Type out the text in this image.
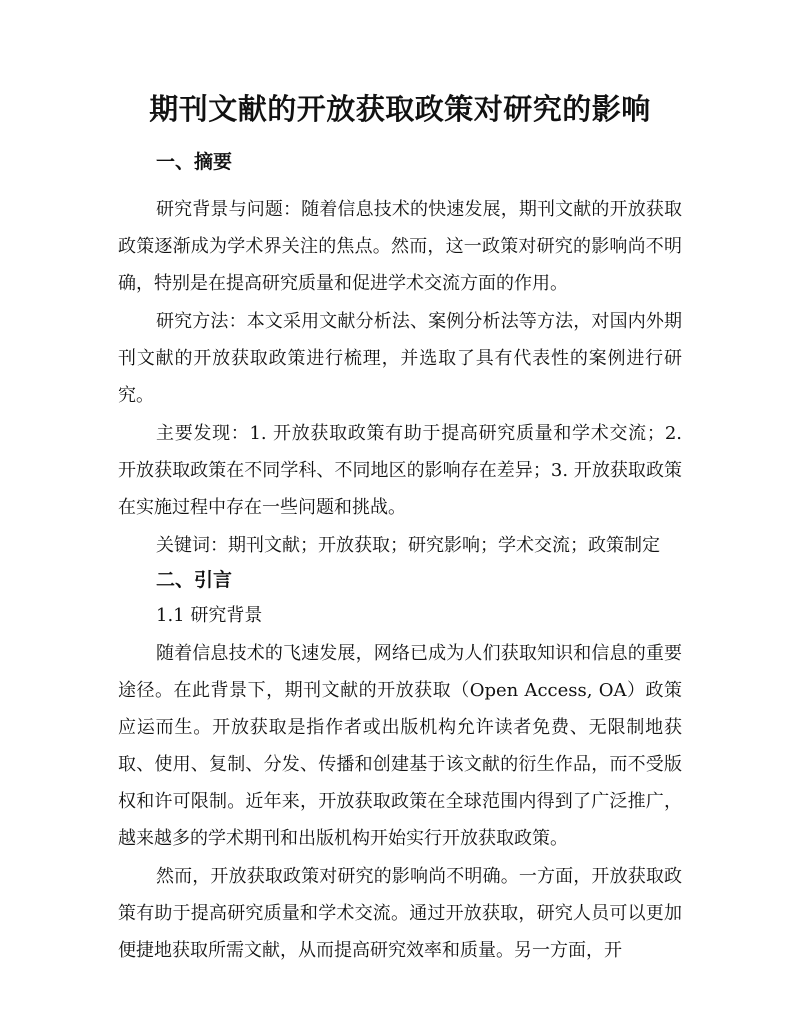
期刊文献的开放获取政策对研究的影响
一、摘要

研究背景与问题：随着信息技术的快速发展，期刊文献的开放获取政策逐渐成为学术界关注的焦点。然而，这一政策对研究的影响尚不明确，特别是在提高研究质量和促进学术交流方面的作用。

研究方法：本文采用文献分析法、案例分析法等方法，对国内外期刊文献的开放获取政策进行梳理，并选取了具有代表性的案例进行研究。

主要发现：1. 开放获取政策有助于提高研究质量和学术交流；2. 开放获取政策在不同学科、不同地区的影响存在差异；3. 开放获取政策在实施过程中存在一些问题和挑战。

关键词：期刊文献；开放获取；研究影响；学术交流；政策制定
二、引言
1.1 研究背景

随着信息技术的飞速发展，网络已成为人们获取知识和信息的重要途径。在此背景下，期刊文献的开放获取（Open Access, OA）政策应运而生。开放获取是指作者或出版机构允许读者免费、无限制地获取、使用、复制、分发、传播和创建基于该文献的衍生作品，而不受版权和许可限制。近年来，开放获取政策在全球范围内得到了广泛推广，越来越多的学术期刊和出版机构开始实行开放获取政策。

然而，开放获取政策对研究的影响尚不明确。一方面，开放获取政策有助于提高研究质量和学术交流。通过开放获取，研究人员可以更加便捷地获取所需文献，从而提高研究效率和质量。另一方面，开
